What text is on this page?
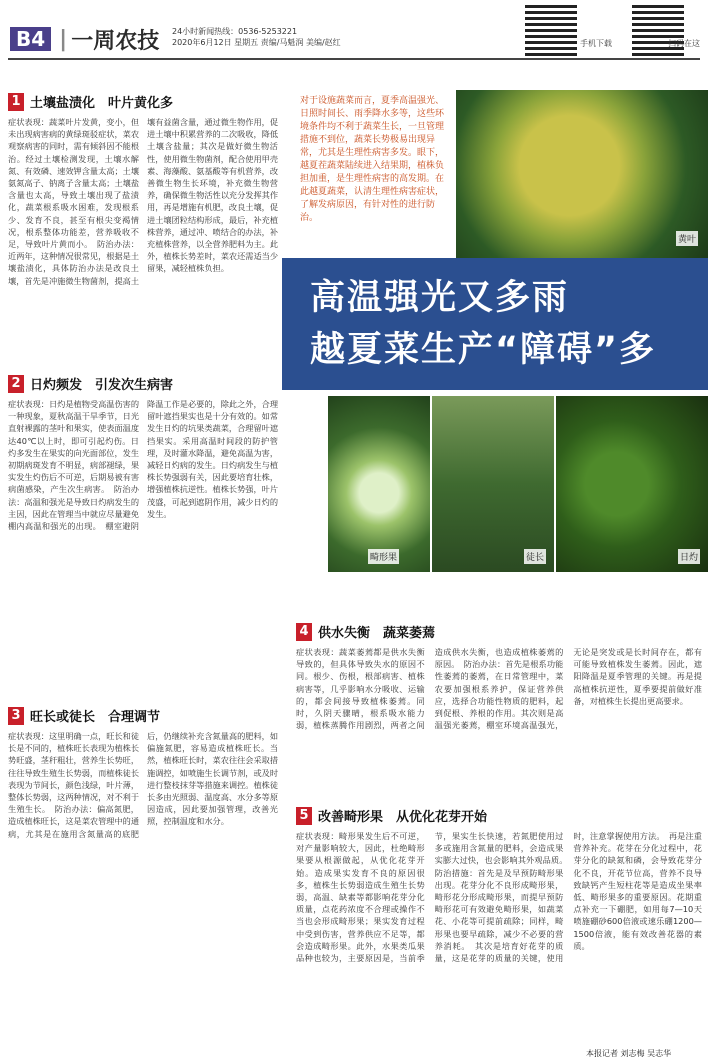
B4 | 一周农技 24小时新闻热线：0536-5253221
2020年6月12日 星期五 责编/马魁润 美编/赵红	手机下载	扫码在这
1 土壤盐渍化　叶片黄化多
症状表现：蔬菜叶片发黄，变小，但未出现病害病的黄绿斑驳症状，菜农观察病害的同时，需有倾斜因不能根治。经过土壤检测发现，土壤水解氮、有效磷、速效钾含量太高；土壤氨氮高子、钠离子含量太高；土壤盐含量也太高，导致土壤出现了盐渍化，蔬菜根系吸水困难，发现根系少、发育不良，甚至有根尖变褐情况，根系整体功能差，营养吸收不足，导致叶片黄而小。　防治办法：近两年，这种情况很常见，根据是土壤盐渍化，具体防治办法是改良土壤，首先是冲施微生物菌剂，提高土壤有益菌含量，通过微生物作用，促进土壤中积累营养的二次吸收，降低土壤含盐量；其次是做好微生物活性，使用微生物菌剂，配合使用甲壳素、海藻酸、氨基酸等有机营养，改善微生物生长环境，补充微生物营养，确保微生物活性以充分发挥其作用，再是增施有机肥，改良土壤，促进土壤团粒结构形成，最后，补充植株营养，通过冲、喷结合的办法，补充植株营养，以全营养肥料为主。此外，植株长势差时，菜农还需适当少留果，减轻植株负担。
对于设施蔬菜而言，夏季高温强光、日照时间长、雨季降水多等，这些环境条件均不利于蔬菜生长，一旦管理措施不到位，蔬菜长势极易出现异常，尤其是生理性病害多发。眼下，越夏茬蔬菜陆续进入结果期，植株负担加重，是生理性病害的高发期。在此越夏蔬菜，认清生理性病害症状，了解发病原因，有针对性的进行防治。
黄叶
高温强光又多雨
越夏菜生产“障碍”多
2 日灼频发　引发次生病害
症状表现：日灼是植物受高温伤害的一种现象，夏秋高温干旱季节，日光直射裸露的茎叶和果实，使表面温度达40℃以上时，即可引起灼伤。日灼多发生在果实的向光面部位，发生初期病斑发育不明显，病部褪绿，果实发生灼伤后不可逆，后期易被有害病菌感染，产生次生病害。　防治办法：高温和强光是导致日灼病发生的主因，因此在管理当中就应尽量避免棚内高温和强光的出现。　棚室避阴降温工作是必要的，除此之外，合理留叶遮挡果实也是十分有效的。如常发生日灼的坑果类蔬菜，合理留叶遮挡果实。采用高温时间段的防护管理，及时灌水降温，避免高温为害，减轻日灼病的发生。日灼病发生与植株长势强弱有关，因此要培育壮株，增强植株抗逆性。植株长势强，叶片茂盛，可起到遮阴作用，减少日灼的发生。
畸形果	徒长	日灼
3 旺长或徒长　合理调节
症状表现：这里明确一点，旺长和徒长是不同的，植株旺长表现为植株长势旺盛，茎秆粗壮，营养生长势旺，往往导致生殖生长势弱，而植株徒长表现为节间长，颜色浅绿，叶片薄，整体长势弱，这两种情况，对不利于生殖生长。　防治办法：偏高氮肥，造成植株旺长，这是菜农管理中的通病，尤其是在施用含氮量高的底肥后，仍继续补充含氮量高的肥料，如偏施氮肥，容易造成植株旺长。当然，植株旺长时，菜农往往会采取措施调控，如喷施生长调节剂，或及时进行整枝抹芽等措施来调控。植株徒长多由光照弱、温度高、水分多等原因造成，因此要加强管理，改善光照，控制温度和水分。
4 供水失衡　蔬菜萎蔫
症状表现：蔬菜萎蔫都是供水失衡导致的，但具体导致失水的原因不同。根少、伤根，根部病害、植株病害等，几乎影响水分吸收、运输的，都会间接导致植株萎蔫。同时，久阴天骤晴，根系吸水能力弱，植株蒸腾作用剧烈，两者之间造成供水失衡，也造成植株萎蔫的原因。　防治办法：首先是根系功能性萎蔫的萎蔫，在日常管理中，菜农要加强根系养护，保证营养供应，选择合功能性物质的肥料，起到促根、养根的作用。其次则是高温强光萎蔫，棚室环境高温强光，无论是突发或是长时间存在，都有可能导致植株发生萎蔫。因此，遮阳降温是夏季管理的关键。再是提高植株抗逆性，夏季要提前做好准备，对植株生长提出更高要求。
5 改善畸形果　从优化花芽开始
症状表现：畸形果发生后不可逆，对产量影响较大，因此，杜绝畸形果要从根源做起，从优化花芽开始。造成果实发育不良的原因很多，植株生长势弱造成生殖生长势弱，高温、缺素等都影响花芽分化质量，点花药浓度不合理或操作不当也会形成畸形果；果实发育过程中受到伤害，营养供应不足等，都会造成畸形果。此外，水果类瓜果品种也较为，主要原因是，当前季节，果实生长快速，若氮肥使用过多或施用含氮量的肥料，会造成果实膨大过快，也会影响其外观品质。　防治措施：首先是及早预防畸形果出现。花芽分化不良形成畸形果，畸形花分形成畸形果，而提早预防畸形花可有效避免畸形果，如蔬菜花、小花等可提前疏除；同样，畸形果也要早疏除，减少不必要的营养消耗。　其次是培育好花芽的质量，这是花芽的质量的关键，使用时，注意掌握使用方法。　再是注重营养补充。花芽在分化过程中，花芽分化的缺氮和磷，会导致花芽分化不良，开花节位高，营养不良导致缺钙产生短柱花等是造成坐果率低、畸形果多的重要原因。花期重点补充一下硼肥，如用每7—10天喷施硼砂600倍液或速乐硼1200—1500倍液，能有效改善花器的素质。
本报记者 刘志梅 吴志华
